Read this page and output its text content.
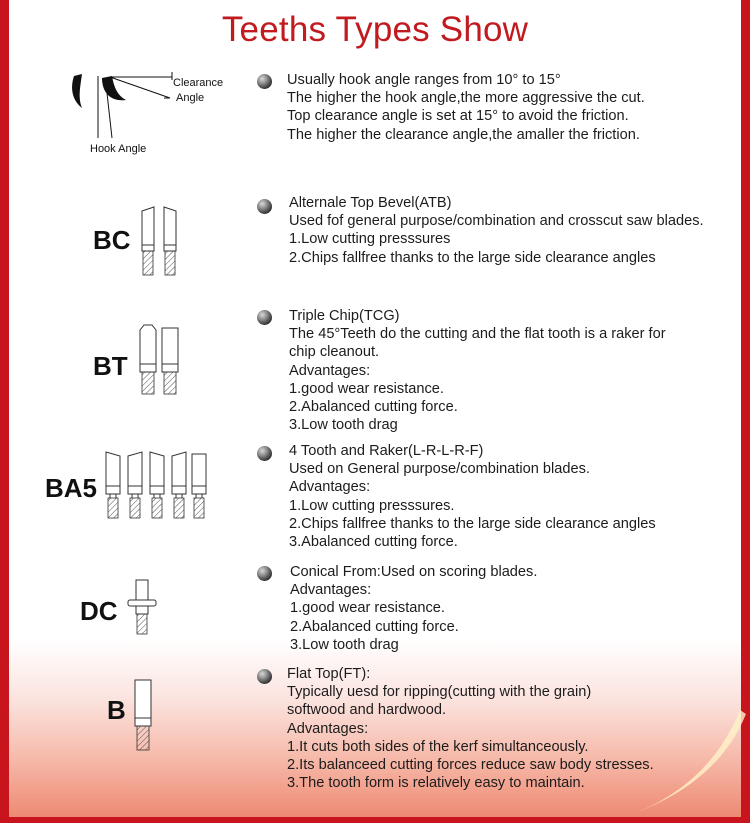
Teeths Types Show
Clearance
Angle
Hook Angle
Usually hook angle ranges from 10° to 15°
The higher the hook angle,the more aggressive the cut.
Top clearance angle is set at 15° to avoid the friction.
The higher the clearance angle,the amaller the friction.
BC
Alternale Top Bevel(ATB)
Used fof general purpose/combination and crosscut saw blades.
1.Low cutting presssures
2.Chips fallfree thanks to the large side clearance angles
BT
Triple Chip(TCG)
The 45°Teeth do the cutting and the flat tooth is a raker for
chip cleanout.
Advantages:
1.good wear resistance.
2.Abalanced cutting force.
3.Low tooth drag
BA5
4 Tooth and Raker(L-R-L-R-F)
Used on General purpose/combination blades.
Advantages:
1.Low cutting presssures.
2.Chips fallfree thanks to the large side clearance angles
3.Abalanced cutting force.
DC
Conical From:Used on scoring blades.
Advantages:
1.good wear resistance.
2.Abalanced cutting force.
3.Low tooth drag
B
Flat Top(FT):
Typically uesd for ripping(cutting with the grain)
softwood and hardwood.
Advantages:
1.It cuts both sides of the kerf simultanceously.
2.Its balanceed cutting forces reduce saw body stresses.
3.The tooth form is relatively easy to maintain.
